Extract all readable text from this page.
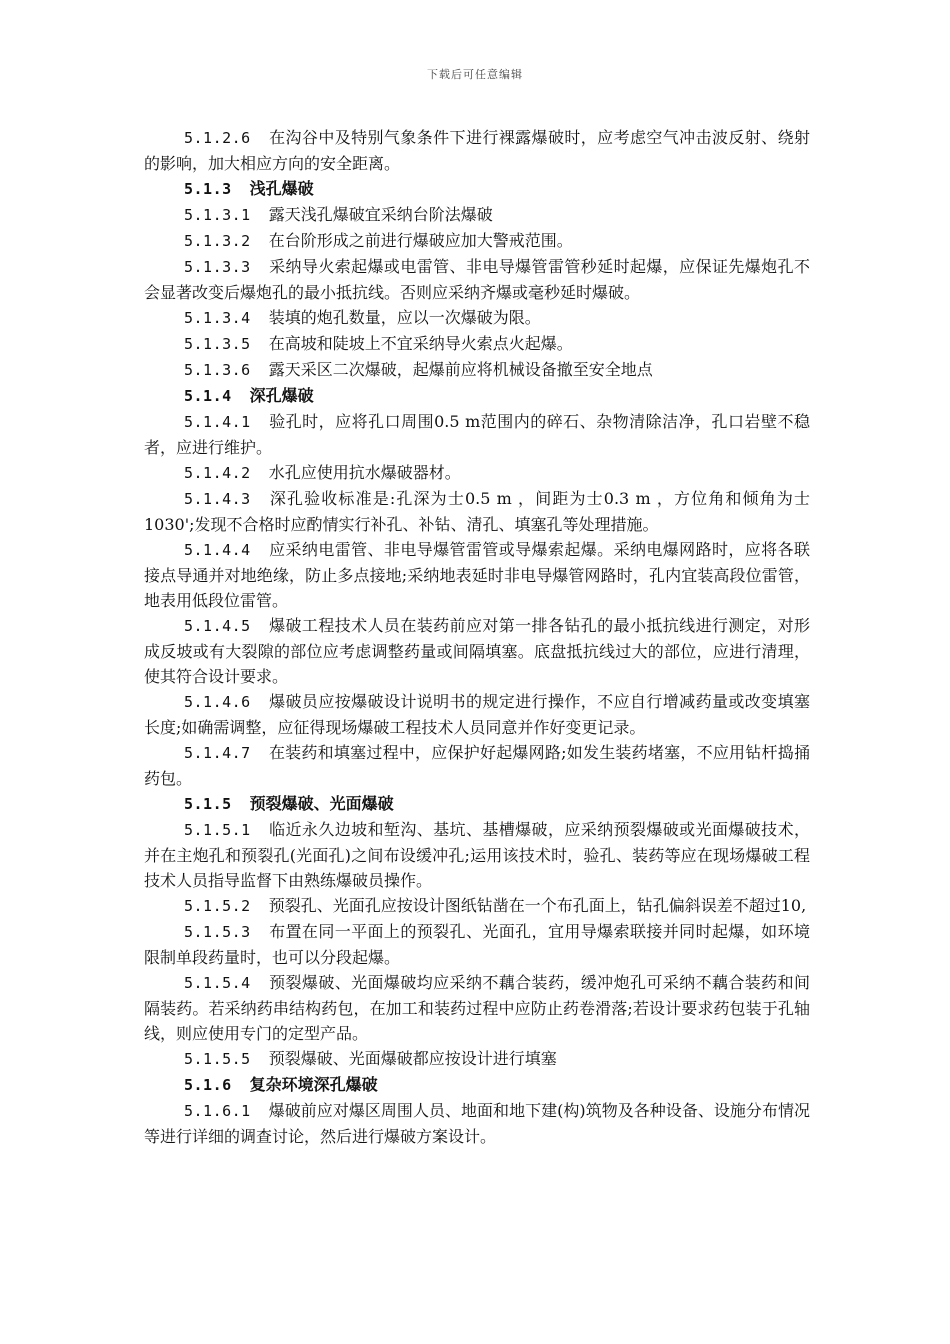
下载后可任意编辑

5.1.2.6 在沟谷中及特别气象条件下进行裸露爆破时，应考虑空气冲击波反射、绕射的影响，加大相应方向的安全距离。

5.1.3 浅孔爆破

5.1.3.1 露天浅孔爆破宜采纳台阶法爆破

5.1.3.2 在台阶形成之前进行爆破应加大警戒范围。

5.1.3.3 采纳导火索起爆或电雷管、非电导爆管雷管秒延时起爆，应保证先爆炮孔不会显著改变后爆炮孔的最小抵抗线。否则应采纳齐爆或毫秒延时爆破。

5.1.3.4 装填的炮孔数量，应以一次爆破为限。

5.1.3.5 在高坡和陡坡上不宜采纳导火索点火起爆。

5.1.3.6 露天采区二次爆破，起爆前应将机械设备撤至安全地点

5.1.4 深孔爆破

5.1.4.1 验孔时，应将孔口周围0.5 m范围内的碎石、杂物清除洁净，孔口岩壁不稳者，应进行维护。

5.1.4.2 水孔应使用抗水爆破器材。

5.1.4.3 深孔验收标准是:孔深为士0.5 m ，间距为士0.3 m ，方位角和倾角为士1030';发现不合格时应酌情实行补孔、补钻、清孔、填塞孔等处理措施。

5.1.4.4 应采纳电雷管、非电导爆管雷管或导爆索起爆。采纳电爆网路时，应将各联接点导通并对地绝缘，防止多点接地;采纳地表延时非电导爆管网路时，孔内宜装高段位雷管，地表用低段位雷管。

5.1.4.5 爆破工程技术人员在装药前应对第一排各钻孔的最小抵抗线进行测定，对形成反坡或有大裂隙的部位应考虑调整药量或间隔填塞。底盘抵抗线过大的部位，应进行清理，使其符合设计要求。

5.1.4.6 爆破员应按爆破设计说明书的规定进行操作，不应自行增减药量或改变填塞长度;如确需调整，应征得现场爆破工程技术人员同意并作好变更记录。

5.1.4.7 在装药和填塞过程中，应保护好起爆网路;如发生装药堵塞，不应用钻杆捣捅药包。

5.1.5 预裂爆破、光面爆破

5.1.5.1 临近永久边坡和堑沟、基坑、基槽爆破，应采纳预裂爆破或光面爆破技术，并在主炮孔和预裂孔(光面孔)之间布设缓冲孔;运用该技术时，验孔、装药等应在现场爆破工程技术人员指导监督下由熟练爆破员操作。

5.1.5.2 预裂孔、光面孔应按设计图纸钻凿在一个布孔面上，钻孔偏斜误差不超过10,

5.1.5.3 布置在同一平面上的预裂孔、光面孔，宜用导爆索联接并同时起爆，如环境限制单段药量时，也可以分段起爆。

5.1.5.4 预裂爆破、光面爆破均应采纳不藕合装药，缓冲炮孔可采纳不藕合装药和间隔装药。若采纳药串结构药包，在加工和装药过程中应防止药卷滑落;若设计要求药包装于孔轴线，则应使用专门的定型产品。

5.1.5.5 预裂爆破、光面爆破都应按设计进行填塞

5.1.6 复杂环境深孔爆破

5.1.6.1 爆破前应对爆区周围人员、地面和地下建(构)筑物及各种设备、设施分布情况等进行详细的调查讨论，然后进行爆破方案设计。
